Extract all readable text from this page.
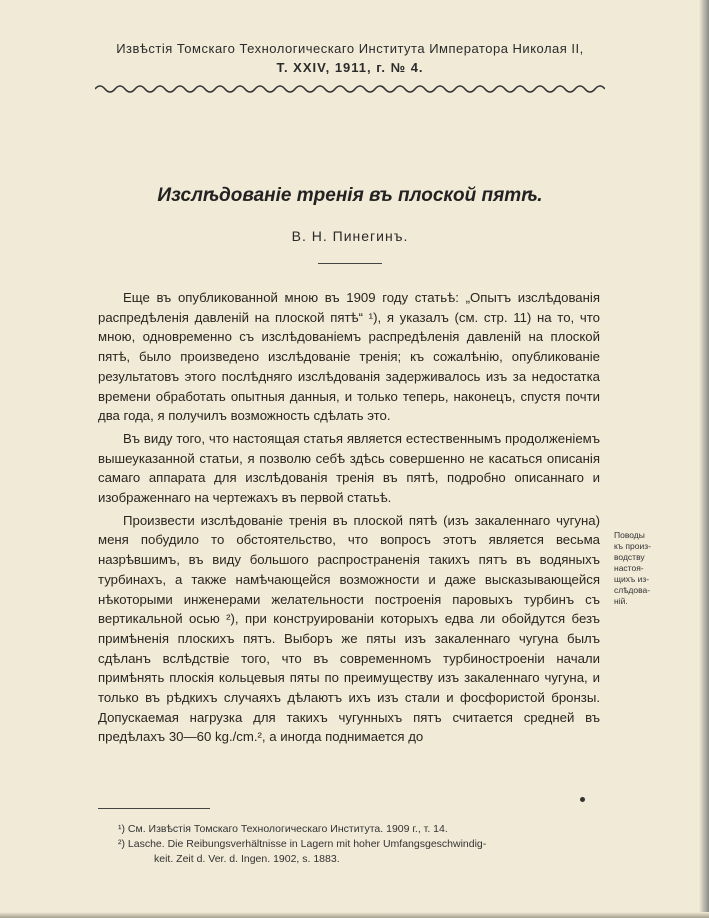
Извѣстія Томскаго Технологическаго Института Императора Николая II,
Т. XXIV, 1911, г. № 4.
Изслѣдованіе тренія въ плоской пятѣ.
В. Н. Пинегинъ.

Еще въ опубликованной мною въ 1909 году статьѣ: „Опытъ изслѣдованія распредѣленія давленій на плоской пятѣ“ ¹), я указалъ (см. стр. 11) на то, что мною, одновременно съ изслѣдованіемъ распредѣленія давленій на плоской пятѣ, было произведено изслѣдованіе тренія; къ сожалѣнію, опубликованіе результатовъ этого послѣдняго изслѣдованія задерживалось изъ за недостатка времени обработать опытныя данныя, и только теперь, наконецъ, спустя почти два года, я получилъ возможность сдѣлать это.

Въ виду того, что настоящая статья является естественнымъ продолженіемъ вышеуказанной статьи, я позволю себѣ здѣсь совершенно не касаться описанія самаго аппарата для изслѣдованія тренія въ пятѣ, подробно описаннаго и изображеннаго на чертежахъ въ первой статьѣ.

Произвести изслѣдованіе тренія въ плоской пятѣ (изъ закаленнаго чугуна) меня побудило то обстоятельство, что вопросъ этотъ является весьма назрѣвшимъ, въ виду большого распространенія такихъ пятъ въ водяныхъ турбинахъ, а также намѣчающейся возможности и даже высказывающейся нѣкоторыми инженерами желательности построенія паровыхъ турбинъ съ вертикальной осью ²), при конструированіи которыхъ едва ли обойдутся безъ примѣненія плоскихъ пятъ. Выборъ же пяты изъ закаленнаго чугуна былъ сдѣланъ вслѣдствіе того, что въ современномъ турбиностроеніи начали примѣнять плоскія кольцевыя пяты по преимуществу изъ закаленнаго чугуна, и только въ рѣдкихъ случаяхъ дѣлаютъ ихъ изъ стали и фосфористой бронзы. Допускаемая нагрузка для такихъ чугунныхъ пятъ считается средней въ предѣлахъ 30—60 kg./cm.², а иногда поднимается до

Поводы
къ произ-
водству
настоя-
щихъ из-
слѣдова-
ній.

¹) См. Извѣстія Томскаго Технологическаго Института. 1909 г., т. 14.

²) Lasche. Die Reibungsverhältnisse in Lagern mit hoher Umfangsgeschwindig-
keit. Zeit d. Ver. d. Ingen. 1902, s. 1883.
